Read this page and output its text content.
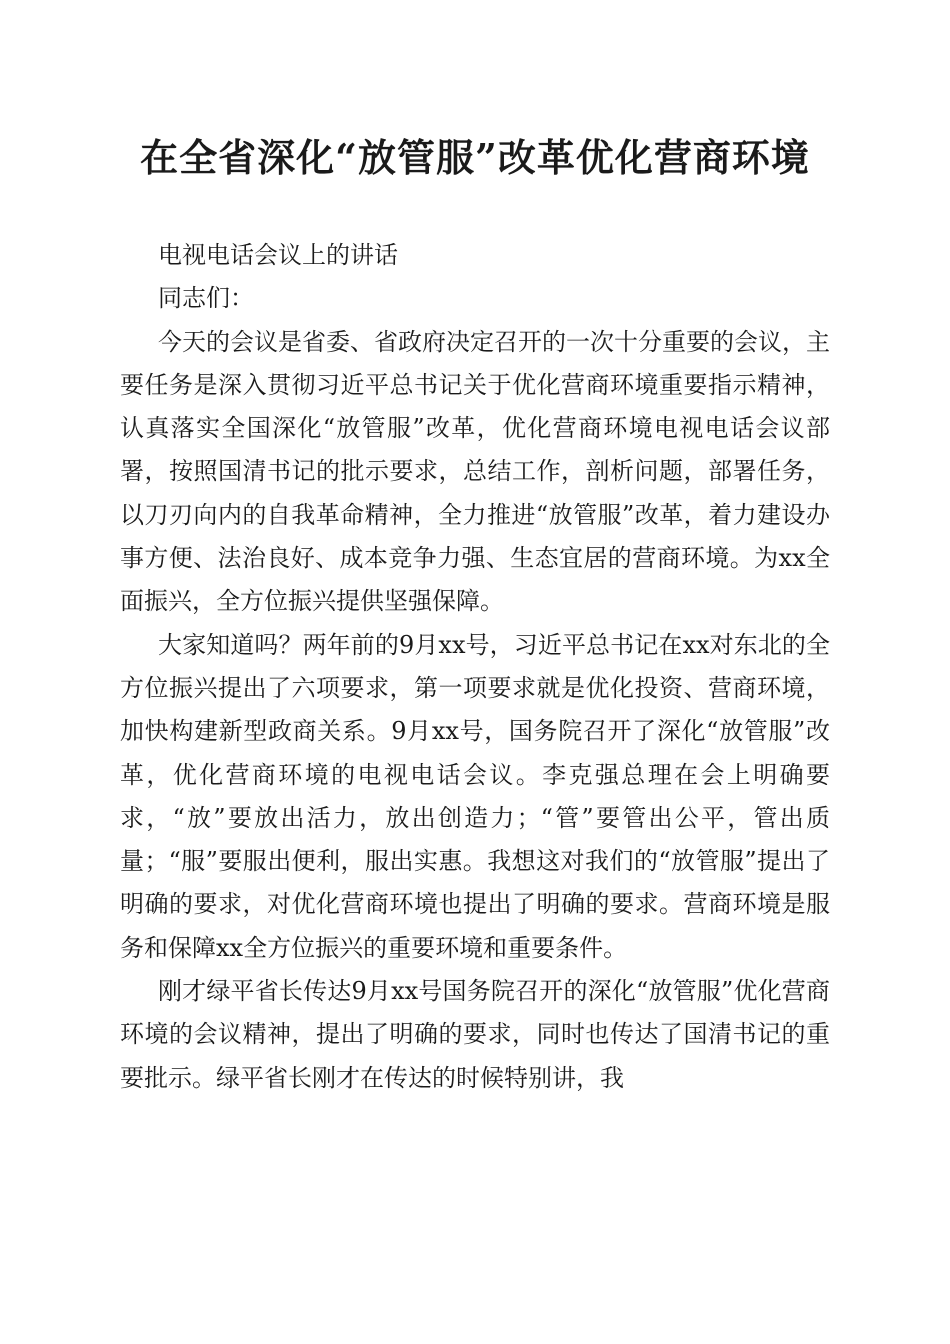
在全省深化“放管服”改革优化营商环境

电视电话会议上的讲话

同志们：

今天的会议是省委、省政府决定召开的一次十分重要的会议，主要任务是深入贯彻习近平总书记关于优化营商环境重要指示精神，认真落实全国深化“放管服”改革，优化营商环境电视电话会议部署，按照国清书记的批示要求，总结工作，剖析问题，部署任务，以刀刃向内的自我革命精神，全力推进“放管服”改革，着力建设办事方便、法治良好、成本竞争力强、生态宜居的营商环境。为xx全面振兴，全方位振兴提供坚强保障。

大家知道吗？两年前的9月xx号，习近平总书记在xx对东北的全方位振兴提出了六项要求，第一项要求就是优化投资、营商环境，加快构建新型政商关系。9月xx号，国务院召开了深化“放管服”改革，优化营商环境的电视电话会议。李克强总理在会上明确要求，“放”要放出活力，放出创造力；“管”要管出公平，管出质量；“服”要服出便利，服出实惠。我想这对我们的“放管服”提出了明确的要求，对优化营商环境也提出了明确的要求。营商环境是服务和保障xx全方位振兴的重要环境和重要条件。

刚才绿平省长传达9月xx号国务院召开的深化“放管服”优化营商环境的会议精神，提出了明确的要求，同时也传达了国清书记的重要批示。绿平省长刚才在传达的时候特别讲，我
